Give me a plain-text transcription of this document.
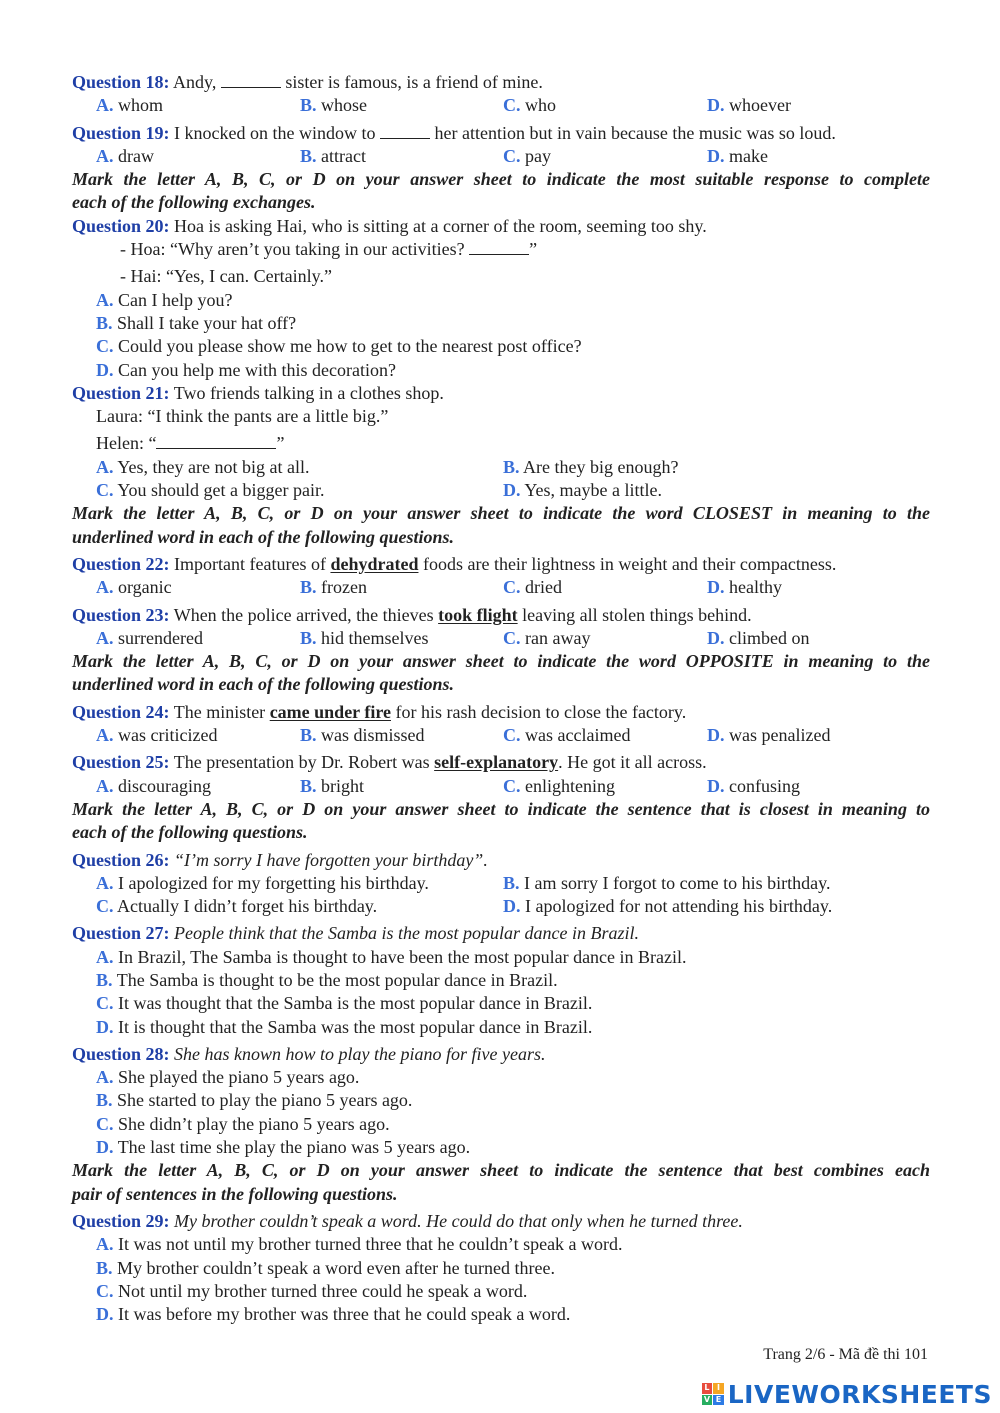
Question 18: Andy,	sister is famous, is a friend of mine.
A. whom	B. whose	C. who	D. whoever
Question 19: I knocked on the window to	her attention but in vain because the music was so loud.
A. draw	B. attract	C. pay	D. make
Mark the letter A, B, C, or D on your answer sheet to indicate the most suitable response to complete
each of the following exchanges.
Question 20: Hoa is asking Hai, who is sitting at a corner of the room, seeming too shy.
- Hoa: “Why aren’t you taking in our activities?	”
- Hai: “Yes, I can. Certainly.”
A. Can I help you?
B. Shall I take your hat off?
C. Could you please show me how to get to the nearest post office?
D. Can you help me with this decoration?
Question 21: Two friends talking in a clothes shop.
Laura: “I think the pants are a little big.”
Helen: “	”
A. Yes, they are not big at all.	B. Are they big enough?
C. You should get a bigger pair.	D. Yes, maybe a little.
Mark the letter A, B, C, or D on your answer sheet to indicate the word CLOSEST in meaning to the
underlined word in each of the following questions.
Question 22: Important features of dehydrated foods are their lightness in weight and their compactness.
A. organic	B. frozen	C. dried	D. healthy
Question 23: When the police arrived, the thieves took flight leaving all stolen things behind.
A. surrendered	B. hid themselves	C. ran away	D. climbed on
Mark the letter A, B, C, or D on your answer sheet to indicate the word OPPOSITE in meaning to the
underlined word in each of the following questions.
Question 24: The minister came under fire for his rash decision to close the factory.
A. was criticized	B. was dismissed	C. was acclaimed	D. was penalized
Question 25: The presentation by Dr. Robert was self-explanatory. He got it all across.
A. discouraging	B. bright	C. enlightening	D. confusing
Mark the letter A, B, C, or D on your answer sheet to indicate the sentence that is closest in meaning to
each of the following questions.
Question 26: “I’m sorry I have forgotten your birthday”.
A. I apologized for my forgetting his birthday.	B. I am sorry I forgot to come to his birthday.
C. Actually I didn’t forget his birthday.	D. I apologized for not attending his birthday.
Question 27: People think that the Samba is the most popular dance in Brazil.
A. In Brazil, The Samba is thought to have been the most popular dance in Brazil.
B. The Samba is thought to be the most popular dance in Brazil.
C. It was thought that the Samba is the most popular dance in Brazil.
D. It is thought that the Samba was the most popular dance in Brazil.
Question 28: She has known how to play the piano for five years.
A. She played the piano 5 years ago.
B. She started to play the piano 5 years ago.
C. She didn’t play the piano 5 years ago.
D. The last time she play the piano was 5 years ago.
Mark the letter A, B, C, or D on your answer sheet to indicate the sentence that best combines each
pair of sentences in the following questions.
Question 29: My brother couldn’t speak a word. He could do that only when he turned three.
A. It was not until my brother turned three that he couldn’t speak a word.
B. My brother couldn’t speak a word even after he turned three.
C. Not until my brother turned three could he speak a word.
D. It was before my brother was three that he could speak a word.
Trang 2/6 - Mã đề thi 101
L I
V E LIVEWORKSHEETS
